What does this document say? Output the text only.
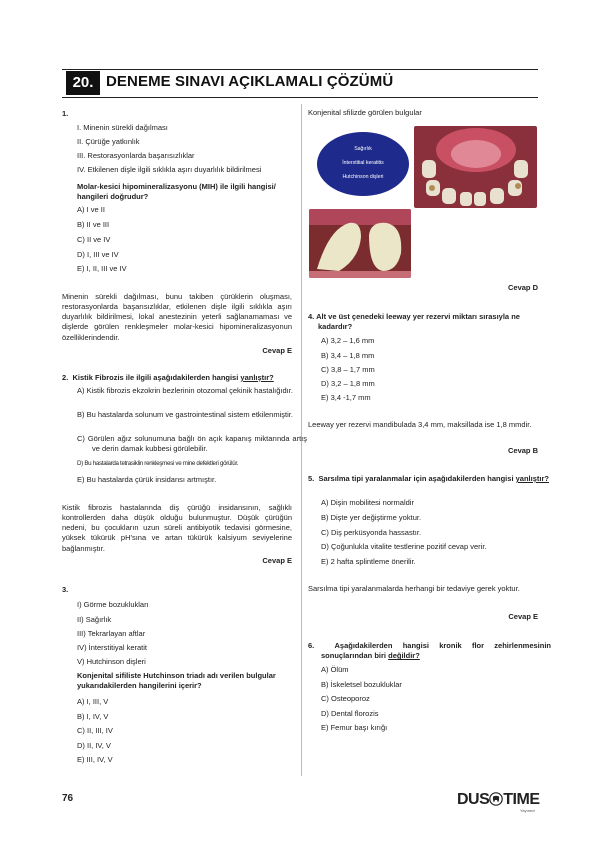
20. DENEME SINAVI AÇIKLAMALI ÇÖZÜMÜ
1.
I. Minenin sürekli dağılması
II. Çürüğe yatkınlık
III. Restorasyonlarda başarısızlıklar
IV. Etkilenen dişle ilgili sıklıkla aşırı duyarlılık bildirilmesi
Molar-kesici hipomineralizasyonu (MIH) ile ilgili hangisi/ hangileri doğrudur?
A) I ve II
B) II ve III
C) II ve IV
D) I, III ve IV
E) I, II, III ve IV
Minenin sürekli dağılması, bunu takiben çürüklerin oluşması, restorasyonlarda başarısızlıklar, etkilenen dişle ilgili sıklıkla aşırı duyarlılık bildirilmesi, lokal anestezinin yeterli sağlanamaması ve dişlerde görülen renkleşmeler molar-kesici hipomineralizasyonun özelliklerindendir.
Cevap E
2. Kistik Fibrozis ile ilgili aşağıdakilerden hangisi yanlıştır?
A) Kistik fibrozis ekzokrin bezlerinin otozomal çekinik hastalığıdır.
B) Bu hastalarda solunum ve gastrointestinal sistem etkilenmiştir.
C) Görülen ağız solunumuna bağlı ön açık kapanış miktarında artış ve derin damak kubbesi görülebilir.
D) Bu hastalarda tetrasiklin renkleşmesi ve mine defektleri görülür.
E) Bu hastalarda çürük insidansı artmıştır.
Kistik fibrozis hastalarında diş çürüğü insidansının, sağlıklı kontrollerden daha düşük olduğu bulunmuştur. Düşük çürüğün nedeni, bu çocukların uzun süreli antibiyotik tedavisi görmesine, yüksek tükürük pH'sına ve artan tükürük kalsiyum seviyelerine bağlanmıştır.
Cevap E
3.
I) Görme bozuklukları
II) Sağırlık
III) Tekrarlayan aftlar
IV) İnterstitiyal keratit
V) Hutchinson dişleri
Konjenital sifiliste Hutchinson triadı adı verilen bulgular yukarıdakilerden hangilerini içerir?
A) I, III, V
B) I, IV, V
C) II, III, IV
D) II, IV, V
E) III, IV, V
Konjenital sfilizde görülen bulgular
Sağırlık
İnterstitial keratitis
Hutchinson dişleri
Cevap D
4. Alt ve üst çenedeki leeway yer rezervi miktarı sırasıyla ne kadardır?
A) 3,2 – 1,6 mm
B) 3,4 – 1,8 mm
C) 3,8 – 1,7 mm
D) 3,2 – 1,8 mm
E) 3,4 -1,7 mm
Leeway yer rezervi mandibulada 3,4 mm, maksillada ise 1,8 mmdir.
Cevap B
5. Sarsılma tipi yaralanmalar için aşağıdakilerden hangisi yanlıştır?
A) Dişin mobilitesi normaldir
B) Dişte yer değiştirme yoktur.
C) Diş perküsyonda hassastır.
D) Çoğunlukla vitalite testlerine pozitif cevap verir.
E) 2 hafta splintleme önerilir.
Sarsılma tipi yaralanmalarda herhangi bir tedaviye gerek yoktur.
Cevap E
6.	Aşağıdakilerden hangisi kronik flor zehirlenmesinin sonuçlarından biri değildir?
A) Ölüm
B) İskeletsel bozukluklar
C) Osteoporoz
D) Dental florozis
E) Femur başı kırığı
76	DUS TIME
Yayınevi
